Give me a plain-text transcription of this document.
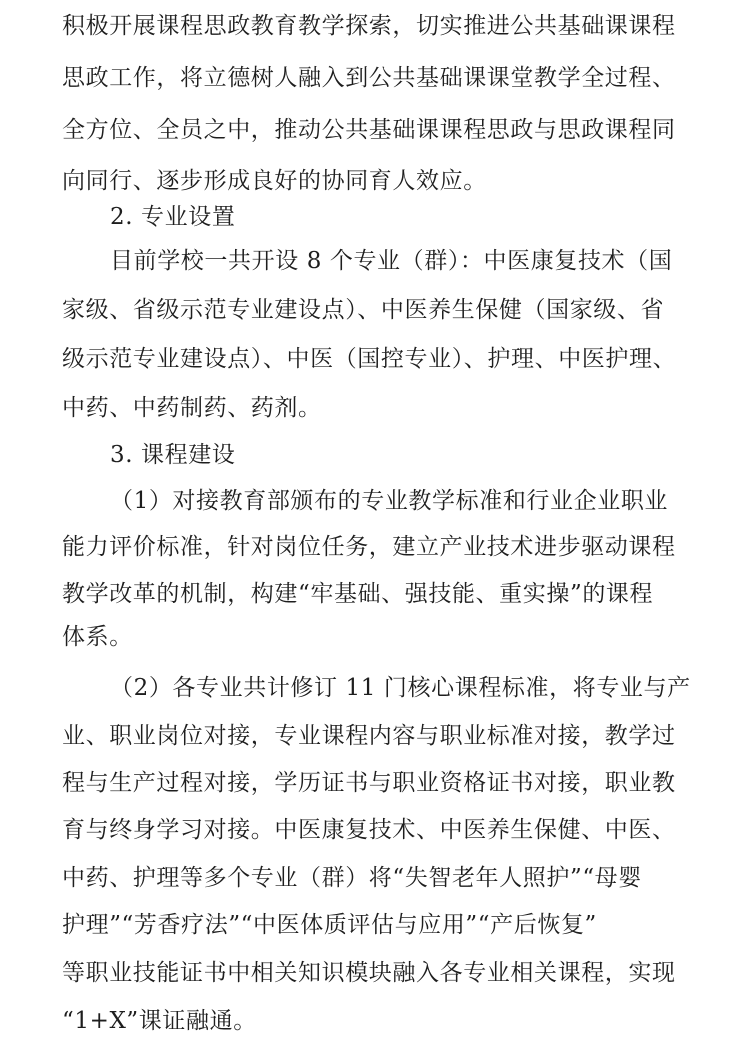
积极开展课程思政教育教学探索，切实推进公共基础课课程
思政工作，将立德树人融入到公共基础课课堂教学全过程、
全方位、全员之中，推动公共基础课课程思政与思政课程同
向同行、逐步形成良好的协同育人效应。
2. 专业设置
目前学校一共开设 8 个专业（群）：中医康复技术（国
家级、省级示范专业建设点）、中医养生保健（国家级、省
级示范专业建设点）、中医（国控专业）、护理、中医护理、
中药、中药制药、药剂。
3. 课程建设
（1）对接教育部颁布的专业教学标准和行业企业职业
能力评价标准，针对岗位任务，建立产业技术进步驱动课程
教学改革的机制，构建“牢基础、强技能、重实操”的课程
体系。
（2）各专业共计修订 11 门核心课程标准，将专业与产
业、职业岗位对接，专业课程内容与职业标准对接，教学过
程与生产过程对接，学历证书与职业资格证书对接，职业教
育与终身学习对接。中医康复技术、中医养生保健、中医、
中药、护理等多个专业（群）将“失智老年人照护”“母婴
护理”“芳香疗法”“中医体质评估与应用”“产后恢复”
等职业技能证书中相关知识模块融入各专业相关课程，实现
“1+X”课证融通。
